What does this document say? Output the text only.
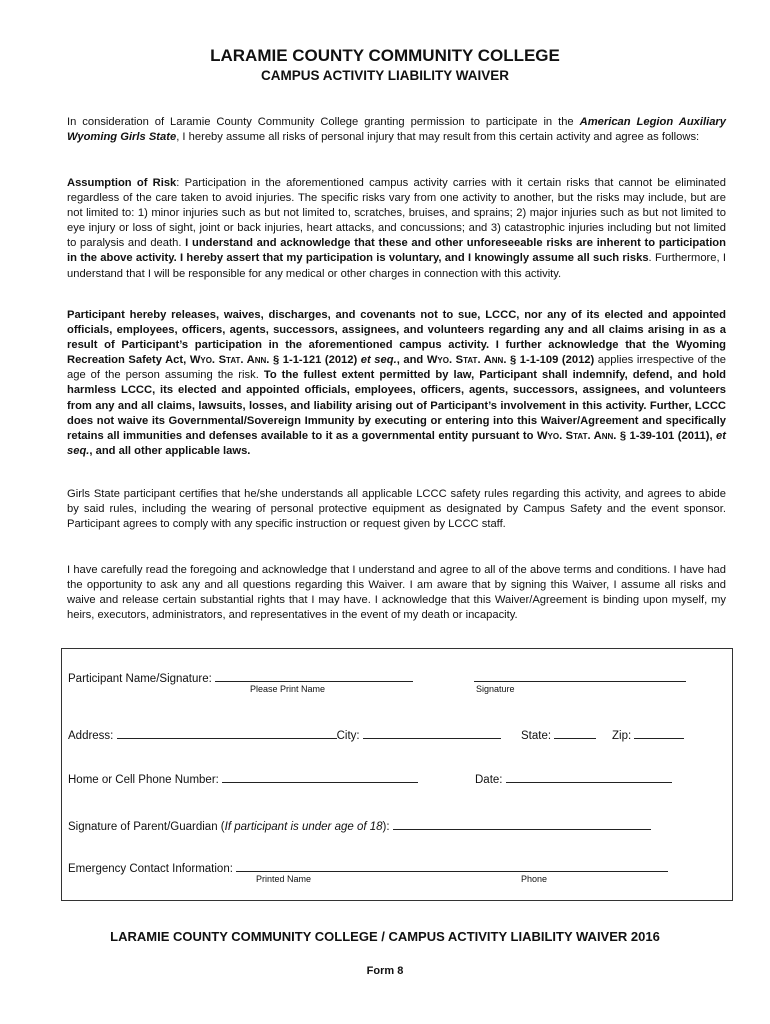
LARAMIE COUNTY COMMUNITY COLLEGE
CAMPUS ACTIVITY LIABILITY WAIVER

In consideration of Laramie County Community College granting permission to participate in the American Legion Auxiliary Wyoming Girls State, I hereby assume all risks of personal injury that may result from this certain activity and agree as follows:

Assumption of Risk: Participation in the aforementioned campus activity carries with it certain risks that cannot be eliminated regardless of the care taken to avoid injuries. The specific risks vary from one activity to another, but the risks may include, but are not limited to: 1) minor injuries such as but not limited to, scratches, bruises, and sprains; 2) major injuries such as but not limited to eye injury or loss of sight, joint or back injuries, heart attacks, and concussions; and 3) catastrophic injuries including but not limited to paralysis and death. I understand and acknowledge that these and other unforeseeable risks are inherent to participation in the above activity. I hereby assert that my participation is voluntary, and I knowingly assume all such risks. Furthermore, I understand that I will be responsible for any medical or other charges in connection with this activity.

Participant hereby releases, waives, discharges, and covenants not to sue, LCCC, nor any of its elected and appointed officials, employees, officers, agents, successors, assignees, and volunteers regarding any and all claims arising in as a result of Participant’s participation in the aforementioned campus activity. I further acknowledge that the Wyoming Recreation Safety Act, Wyo. Stat. Ann. § 1-1-121 (2012) et seq., and Wyo. Stat. Ann. § 1-1-109 (2012) applies irrespective of the age of the person assuming the risk. To the fullest extent permitted by law, Participant shall indemnify, defend, and hold harmless LCCC, its elected and appointed officials, employees, officers, agents, successors, assignees, and volunteers from any and all claims, lawsuits, losses, and liability arising out of Participant’s involvement in this activity. Further, LCCC does not waive its Governmental/Sovereign Immunity by executing or entering into this Waiver/Agreement and specifically retains all immunities and defenses available to it as a governmental entity pursuant to Wyo. Stat. Ann. § 1-39-101 (2011), et seq., and all other applicable laws.

Girls State participant certifies that he/she understands all applicable LCCC safety rules regarding this activity, and agrees to abide by said rules, including the wearing of personal protective equipment as designated by Campus Safety and the event sponsor. Participant agrees to comply with any specific instruction or request given by LCCC staff.

I have carefully read the foregoing and acknowledge that I understand and agree to all of the above terms and conditions. I have had the opportunity to ask any and all questions regarding this Waiver. I am aware that by signing this Waiver, I assume all risks and waive and release certain substantial rights that I may have. I acknowledge that this Waiver/Agreement is binding upon myself, my heirs, executors, administrators, and representatives in the event of my death or incapacity.

Participant Name/Signature:
Please Print Name	Signature
Address:	City:	State:	Zip:
Home or Cell Phone Number:	Date:
Signature of Parent/Guardian (If participant is under age of 18):
Emergency Contact Information:
Printed Name	Phone
LARAMIE COUNTY COMMUNITY COLLEGE / CAMPUS ACTIVITY LIABILITY WAIVER 2016
Form 8
